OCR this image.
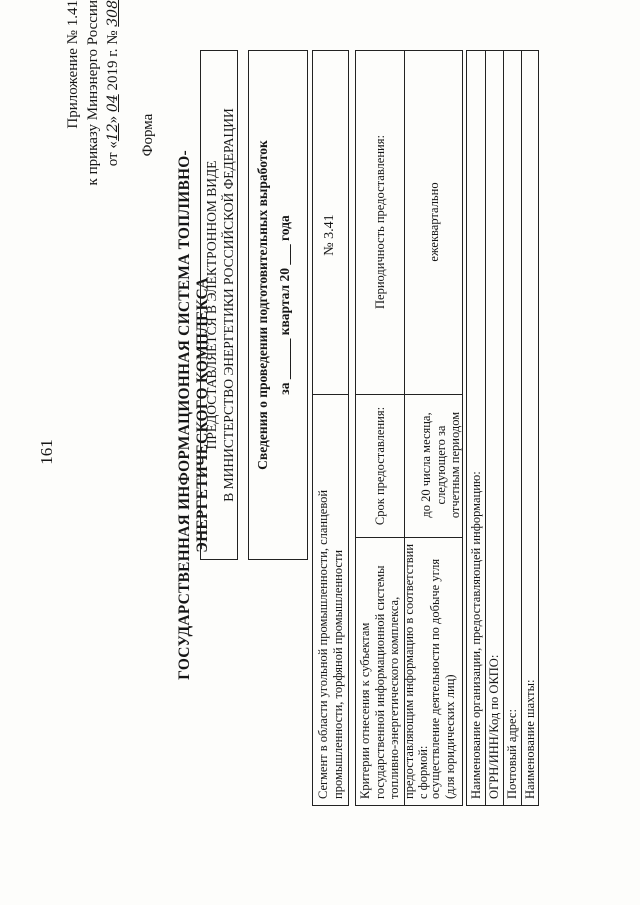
161
Приложение № 1.41 к приказу Минэнерго России от «12» 04 2019 г. № 308
Форма
ГОСУДАРСТВЕННАЯ ИНФОРМАЦИОННАЯ СИСТЕМА ТОПЛИВНО-ЭНЕРГЕТИЧЕСКОГО КОМПЛЕКСА
ПРЕДОСТАВЛЯЕТСЯ В ЭЛЕКТРОННОМ ВИДЕ В МИНИСТЕРСТВО ЭНЕРГЕТИКИ РОССИЙСКОЙ ФЕДЕРАЦИИ Сведения о проведении подготовительных выработок за ______ квартал 20 ___ года
Сегмент в области угольной промышленности, сланцевой промышленности, торфяной промышленности
№ 3.41
Критерии отнесения к субъектам государственной информационной системы топливно-энергетического комплекса, предоставляющим информацию в соответствии с формой:
Срок предоставления:
Периодичность предоставления:
осуществление деятельности по добыче угля (для юридических лиц)
до 20 числа месяца, следующего за отчетным периодом
ежеквартально
Наименование организации, предоставляющей информацию: ОГРН/ИНН/Код по ОКПО: Почтовый адрес: Наименование шахты:
